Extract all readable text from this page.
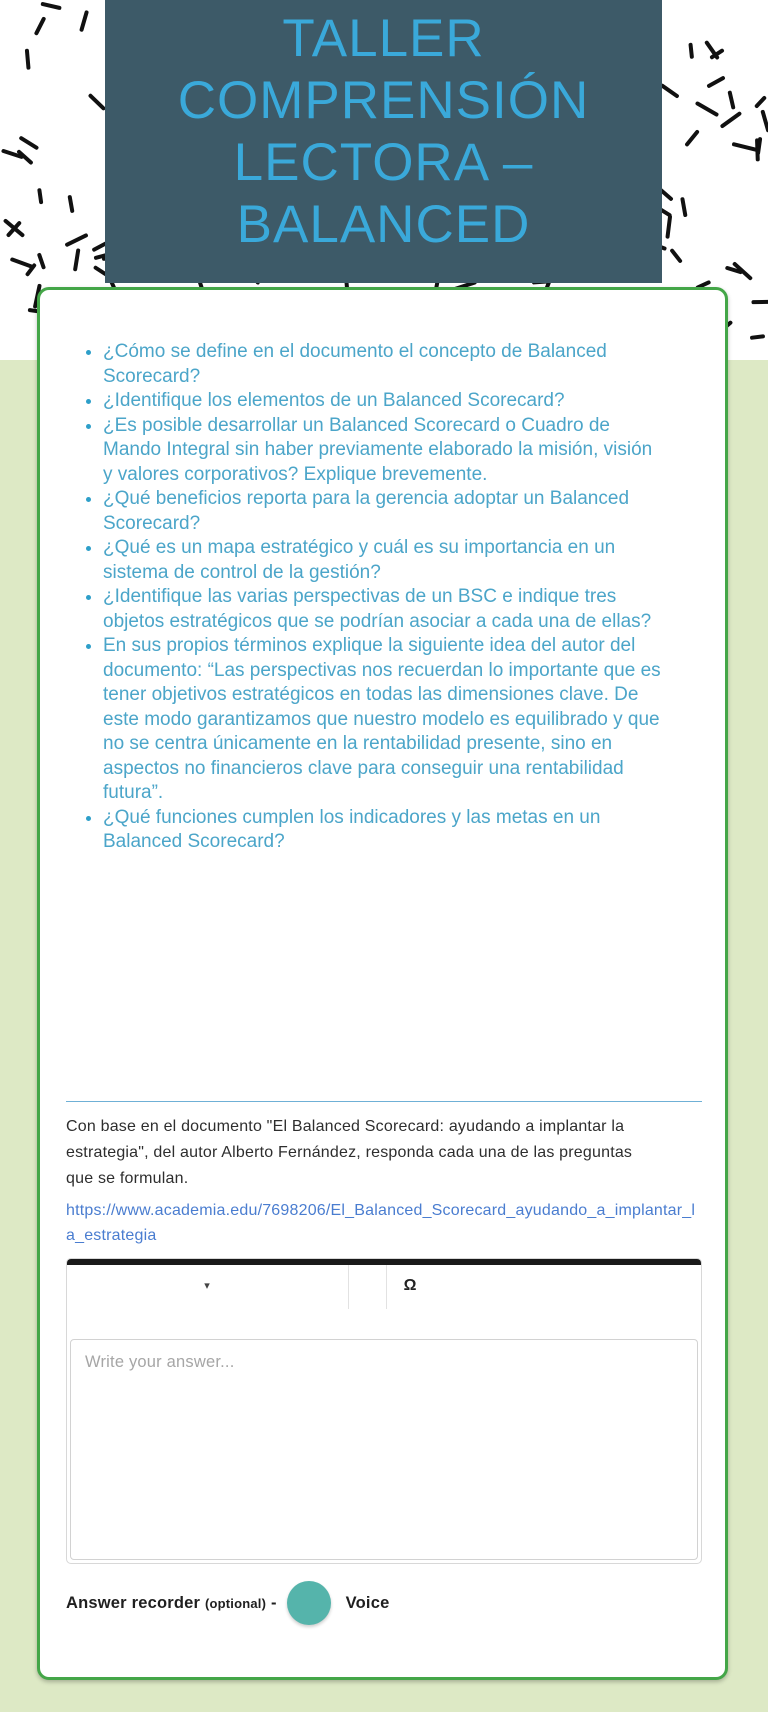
TALLER
COMPRENSIÓN
LECTORA –
BALANCED
• ¿Cómo se define en el documento el concepto de Balanced Scorecard?
• ¿Identifique los elementos de un Balanced Scorecard?
• ¿Es posible desarrollar un Balanced Scorecard o Cuadro de Mando Integral sin haber previamente elaborado la misión, visión y valores corporativos? Explique brevemente.
• ¿Qué beneficios reporta para la gerencia adoptar un Balanced Scorecard?
• ¿Qué es un mapa estratégico y cuál es su importancia en un sistema de control de la gestión?
• ¿Identifique las varias perspectivas de un BSC e indique tres objetos estratégicos que se podrían asociar a cada una de ellas?
• En sus propios términos explique la siguiente idea del autor del documento: “Las perspectivas nos recuerdan lo importante que es tener objetivos estratégicos en todas las dimensiones clave. De este modo garantizamos que nuestro modelo es equilibrado y que no se centra únicamente en la rentabilidad presente, sino en aspectos no financieros clave para conseguir una rentabilidad futura”.
• ¿Qué funciones cumplen los indicadores y las metas en un Balanced Scorecard?

Con base en el documento "El Balanced Scorecard: ayudando a implantar la estrategia", del autor Alberto Fernández, responda cada una de las preguntas que se formulan.

https://www.academia.edu/7698206/El_Balanced_Scorecard_ayudando_a_implantar_la_estrategia
▾	Ω
Write your answer...
Answer recorder (optional) -	Voice
